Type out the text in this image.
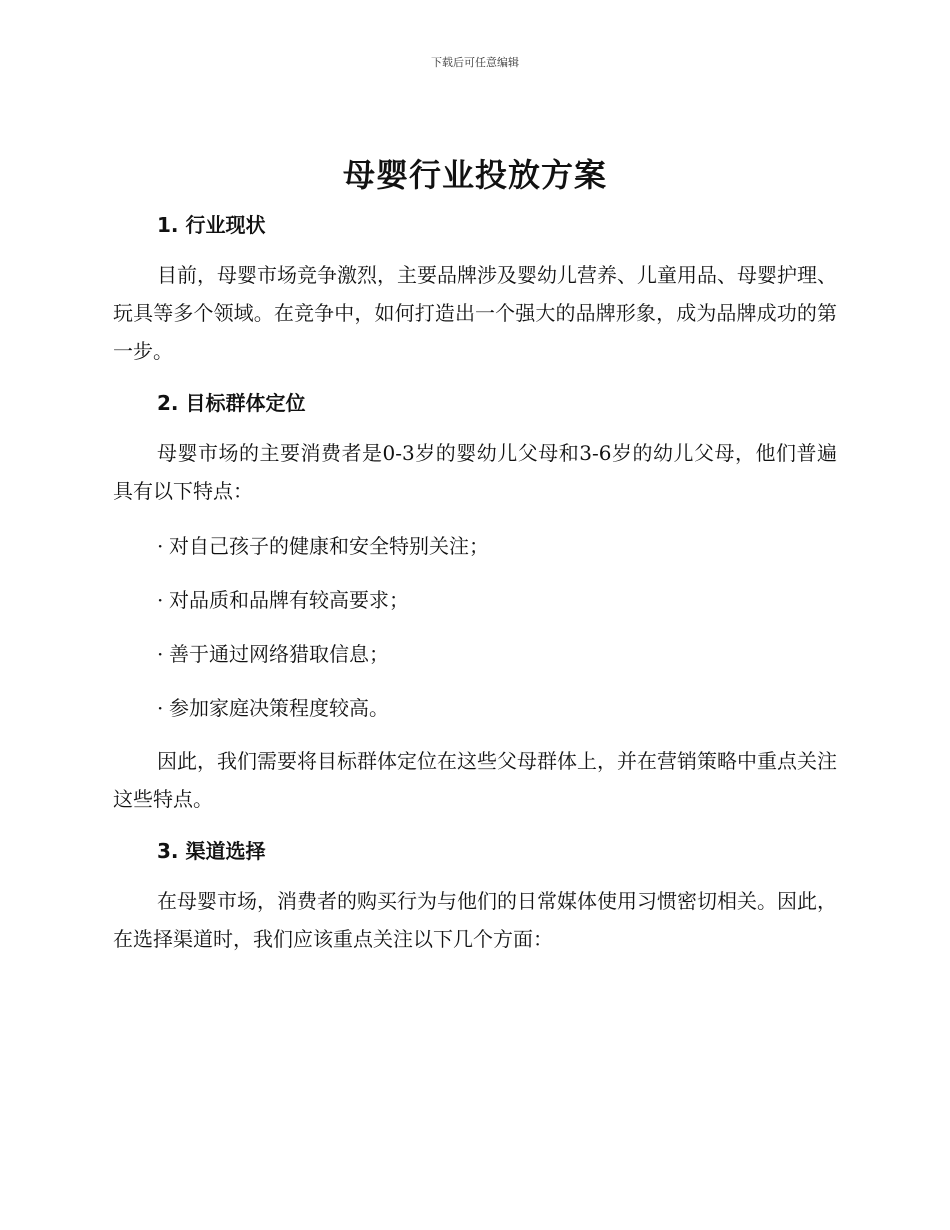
下载后可任意编辑
母婴行业投放方案
1. 行业现状

目前，母婴市场竞争激烈，主要品牌涉及婴幼儿营养、儿童用品、母婴护理、玩具等多个领域。在竞争中，如何打造出一个强大的品牌形象，成为品牌成功的第一步。

2. 目标群体定位

母婴市场的主要消费者是0-3岁的婴幼儿父母和3-6岁的幼儿父母，他们普遍具有以下特点：

· 对自己孩子的健康和安全特别关注；
· 对品质和品牌有较高要求；
· 善于通过网络猎取信息；
· 参加家庭决策程度较高。

因此，我们需要将目标群体定位在这些父母群体上，并在营销策略中重点关注这些特点。

3. 渠道选择

在母婴市场，消费者的购买行为与他们的日常媒体使用习惯密切相关。因此，在选择渠道时，我们应该重点关注以下几个方面：
